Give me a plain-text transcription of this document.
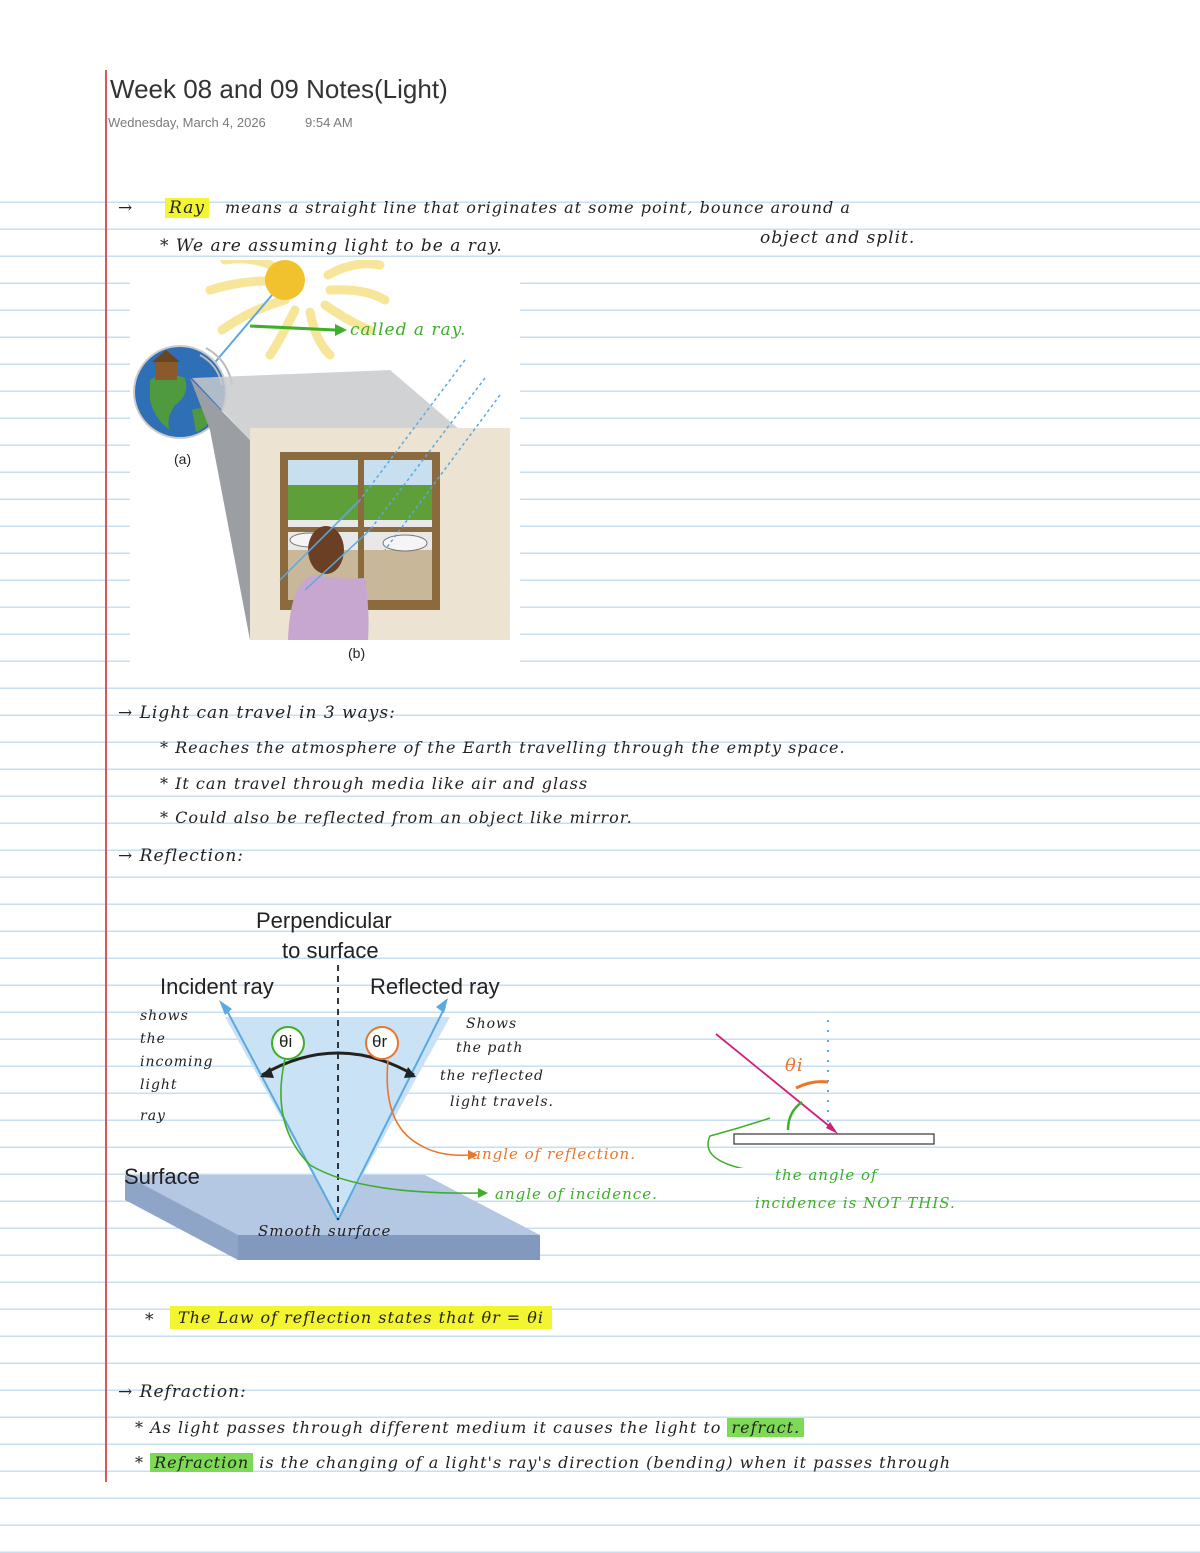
Week 08 and 09 Notes(Light)
Wednesday, March 4, 2026	9:54 AM
→ Ray means a straight line that originates at some point, bounce around a
object and split.
* We are assuming light to be a ray.
called a ray.
(a)
(b)
→ Light can travel in 3 ways:
* Reaches the atmosphere of the Earth travelling through the empty space.
* It can travel through media like air and glass
* Could also be reflected from an object like mirror.
→ Reflection:
Perpendicular
to surface
Incident ray	Reflected ray
θi	θr
Surface
Smooth surface
shows
the
incoming
light
ray
Shows
the path
the reflected
light travels.
angle of reflection.
angle of incidence.
θi
the angle of
incidence is NOT THIS.
*	The Law of reflection states that θr = θi
→ Refraction:
* As light passes through different medium it causes the light to refract.
* Refraction is the changing of a light's ray's direction (bending) when it passes through
